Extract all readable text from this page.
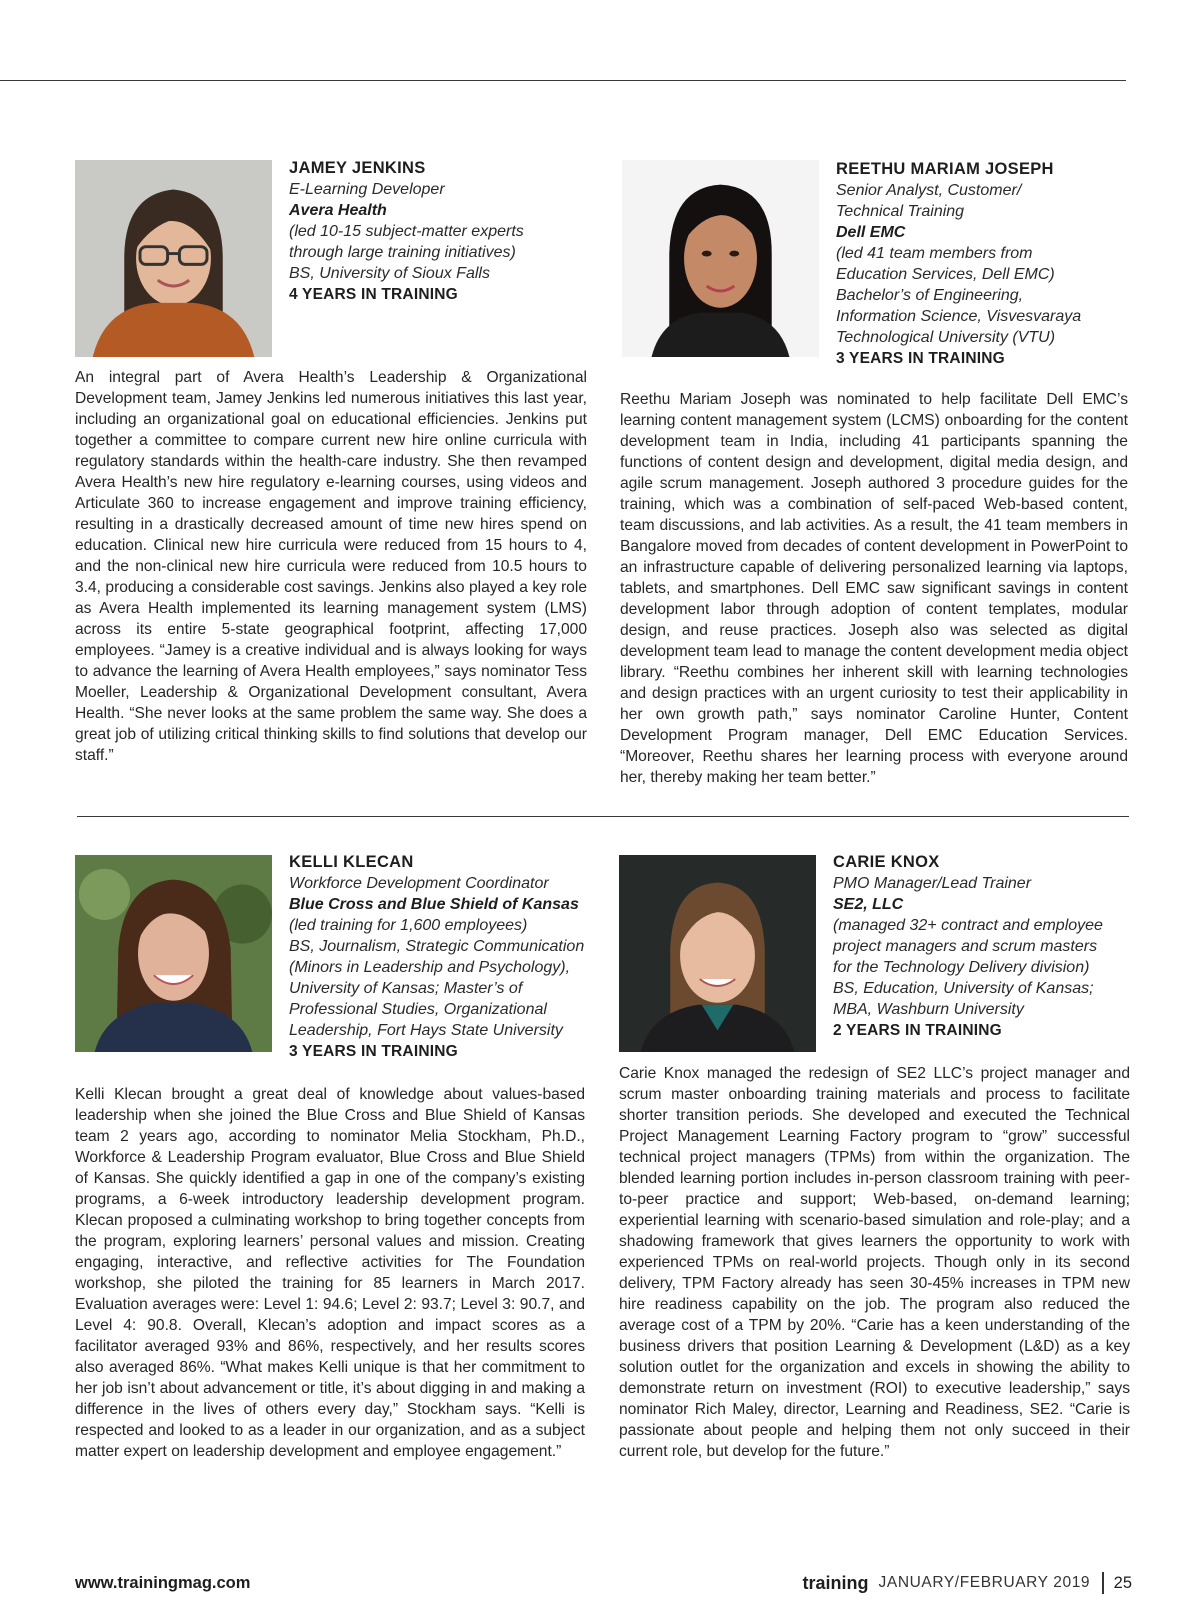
JAMEY JENKINS
E-Learning Developer
Avera Health
(led 10-15 subject-matter experts
through large training initiatives)
BS, University of Sioux Falls
4 YEARS IN TRAINING

An integral part of Avera Health’s Leadership & Organizational Development team, Jamey Jenkins led numerous initiatives this last year, including an organizational goal on educational efficiencies. Jenkins put together a committee to compare current new hire online curricula with regulatory standards within the health-care industry. She then revamped Avera Health’s new hire regulatory e-learning courses, using videos and Articulate 360 to increase engagement and improve training efficiency, resulting in a drastically decreased amount of time new hires spend on education. Clinical new hire curricula were reduced from 15 hours to 4, and the non-clinical new hire curricula were reduced from 10.5 hours to 3.4, producing a considerable cost savings. Jenkins also played a key role as Avera Health implemented its learning management system (LMS) across its entire 5-state geographical footprint, affecting 17,000 employees. “Jamey is a creative individual and is always looking for ways to advance the learning of Avera Health employees,” says nominator Tess Moeller, Leadership & Organizational Development consultant, Avera Health. “She never looks at the same problem the same way. She does a great job of utilizing critical thinking skills to find solutions that develop our staff.”

REETHU MARIAM JOSEPH
Senior Analyst, Customer/
Technical Training
Dell EMC
(led 41 team members from
Education Services, Dell EMC)
Bachelor’s of Engineering,
Information Science, Visvesvaraya
Technological University (VTU)
3 YEARS IN TRAINING

Reethu Mariam Joseph was nominated to help facilitate Dell EMC’s learning content management system (LCMS) onboarding for the content development team in India, including 41 participants spanning the functions of content design and development, digital media design, and agile scrum management. Joseph authored 3 procedure guides for the training, which was a combination of self-paced Web-based content, team discussions, and lab activities. As a result, the 41 team members in Bangalore moved from decades of content development in PowerPoint to an infrastructure capable of delivering personalized learning via laptops, tablets, and smartphones. Dell EMC saw significant savings in content development labor through adoption of content templates, modular design, and reuse practices. Joseph also was selected as digital development team lead to manage the content development media object library. “Reethu combines her inherent skill with learning technologies and design practices with an urgent curiosity to test their applicability in her own growth path,” says nominator Caroline Hunter, Content Development Program manager, Dell EMC Education Services. “Moreover, Reethu shares her learning process with everyone around her, thereby making her team better.”

KELLI KLECAN
Workforce Development Coordinator
Blue Cross and Blue Shield of Kansas
(led training for 1,600 employees)
BS, Journalism, Strategic Communication
(Minors in Leadership and Psychology),
University of Kansas; Master’s of
Professional Studies, Organizational
Leadership, Fort Hays State University
3 YEARS IN TRAINING

Kelli Klecan brought a great deal of knowledge about values-based leadership when she joined the Blue Cross and Blue Shield of Kansas team 2 years ago, according to nominator Melia Stockham, Ph.D., Workforce & Leadership Program evaluator, Blue Cross and Blue Shield of Kansas. She quickly identified a gap in one of the company’s existing programs, a 6-week introductory leadership development program. Klecan proposed a culminating workshop to bring together concepts from the program, exploring learners’ personal values and mission. Creating engaging, interactive, and reflective activities for The Foundation workshop, she piloted the training for 85 learners in March 2017. Evaluation averages were: Level 1: 94.6; Level 2: 93.7; Level 3: 90.7, and Level 4: 90.8. Overall, Klecan’s adoption and impact scores as a facilitator averaged 93% and 86%, respectively, and her results scores also averaged 86%. “What makes Kelli unique is that her commitment to her job isn’t about advancement or title, it’s about digging in and making a difference in the lives of others every day,” Stockham says. “Kelli is respected and looked to as a leader in our organization, and as a subject matter expert on leadership development and employee engagement.”

CARIE KNOX
PMO Manager/Lead Trainer
SE2, LLC
(managed 32+ contract and employee
project managers and scrum masters
for the Technology Delivery division)
BS, Education, University of Kansas;
MBA, Washburn University
2 YEARS IN TRAINING

Carie Knox managed the redesign of SE2 LLC’s project manager and scrum master onboarding training materials and process to facilitate shorter transition periods. She developed and executed the Technical Project Management Learning Factory program to “grow” successful technical project managers (TPMs) from within the organization. The blended learning portion includes in-person classroom training with peer-to-peer practice and support; Web-based, on-demand learning; experiential learning with scenario-based simulation and role-play; and a shadowing framework that gives learners the opportunity to work with experienced TPMs on real-world projects. Though only in its second delivery, TPM Factory already has seen 30-45% increases in TPM new hire readiness capability on the job. The program also reduced the average cost of a TPM by 20%. “Carie has a keen understanding of the business drivers that position Learning & Development (L&D) as a key solution outlet for the organization and excels in showing the ability to demonstrate return on investment (ROI) to executive leadership,” says nominator Rich Maley, director, Learning and Readiness, SE2. “Carie is passionate about people and helping them not only succeed in their current role, but develop for the future.”

www.trainingmag.com	training JANUARY/FEBRUARY 2019 25
